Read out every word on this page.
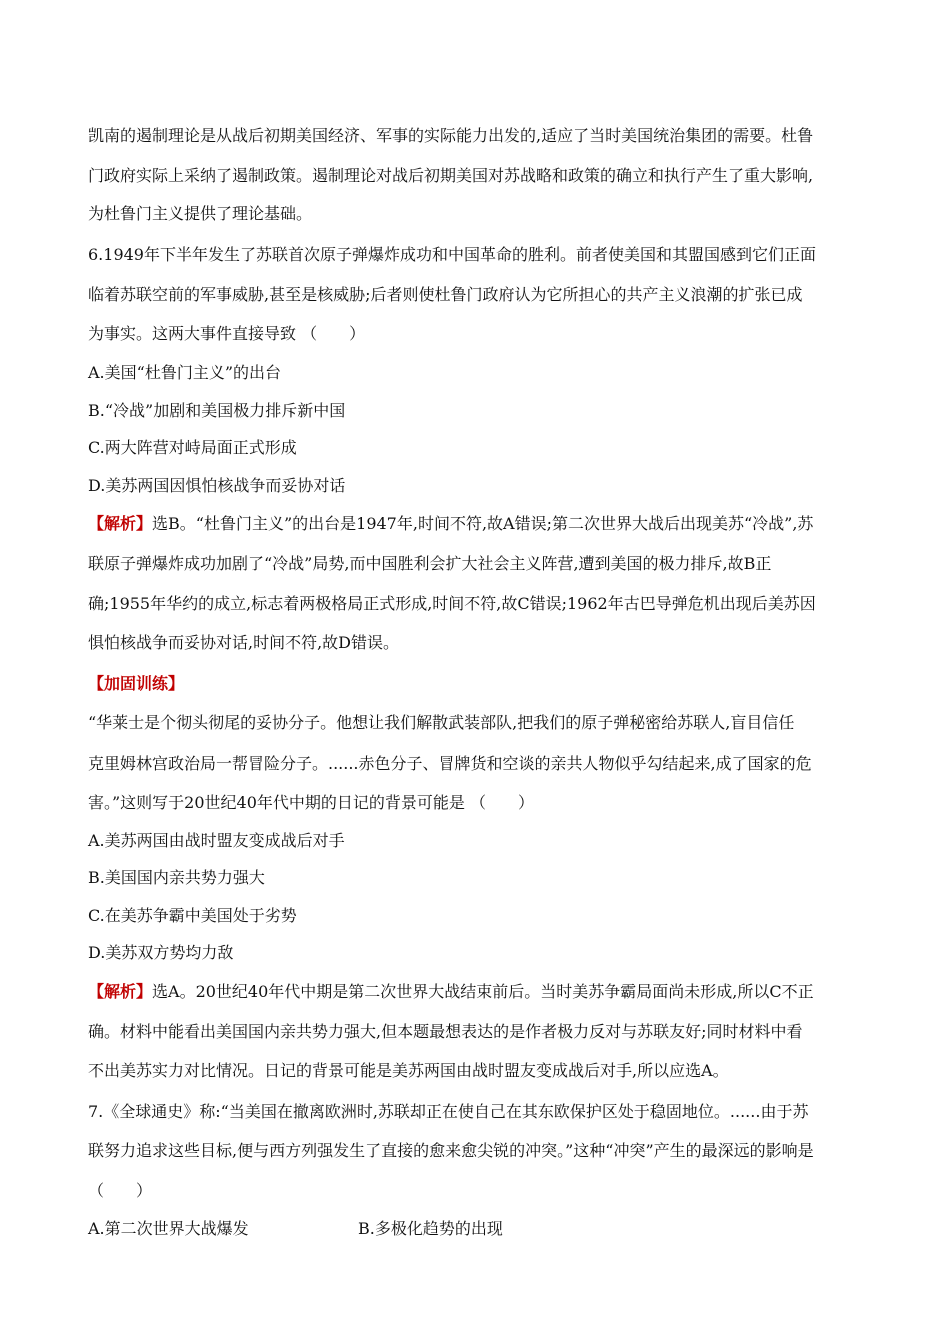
凯南的遏制理论是从战后初期美国经济、军事的实际能力出发的,适应了当时美国统治集团的需要。杜鲁
门政府实际上采纳了遏制政策。遏制理论对战后初期美国对苏战略和政策的确立和执行产生了重大影响,
为杜鲁门主义提供了理论基础。
6.1949年下半年发生了苏联首次原子弹爆炸成功和中国革命的胜利。前者使美国和其盟国感到它们正面
临着苏联空前的军事威胁,甚至是核威胁;后者则使杜鲁门政府认为它所担心的共产主义浪潮的扩张已成
为事实。这两大事件直接导致 （　　）
A.美国“杜鲁门主义”的出台
B.“冷战”加剧和美国极力排斥新中国
C.两大阵营对峙局面正式形成
D.美苏两国因惧怕核战争而妥协对话
【解析】选B。“杜鲁门主义”的出台是1947年,时间不符,故A错误;第二次世界大战后出现美苏“冷战”,苏
联原子弹爆炸成功加剧了“冷战”局势,而中国胜利会扩大社会主义阵营,遭到美国的极力排斥,故B正
确;1955年华约的成立,标志着两极格局正式形成,时间不符,故C错误;1962年古巴导弹危机出现后美苏因
惧怕核战争而妥协对话,时间不符,故D错误。
【加固训练】
“华莱士是个彻头彻尾的妥协分子。他想让我们解散武装部队,把我们的原子弹秘密给苏联人,盲目信任
克里姆林宫政治局一帮冒险分子。......赤色分子、冒牌货和空谈的亲共人物似乎勾结起来,成了国家的危
害。”这则写于20世纪40年代中期的日记的背景可能是 （　　）
A.美苏两国由战时盟友变成战后对手
B.美国国内亲共势力强大
C.在美苏争霸中美国处于劣势
D.美苏双方势均力敌
【解析】选A。20世纪40年代中期是第二次世界大战结束前后。当时美苏争霸局面尚未形成,所以C不正
确。材料中能看出美国国内亲共势力强大,但本题最想表达的是作者极力反对与苏联友好;同时材料中看
不出美苏实力对比情况。日记的背景可能是美苏两国由战时盟友变成战后对手,所以应选A。
7.《全球通史》称:“当美国在撤离欧洲时,苏联却正在使自己在其东欧保护区处于稳固地位。......由于苏
联努力追求这些目标,便与西方列强发生了直接的愈来愈尖锐的冲突。”这种“冲突”产生的最深远的影响是
（　　）
A.第二次世界大战爆发	B.多极化趋势的出现
